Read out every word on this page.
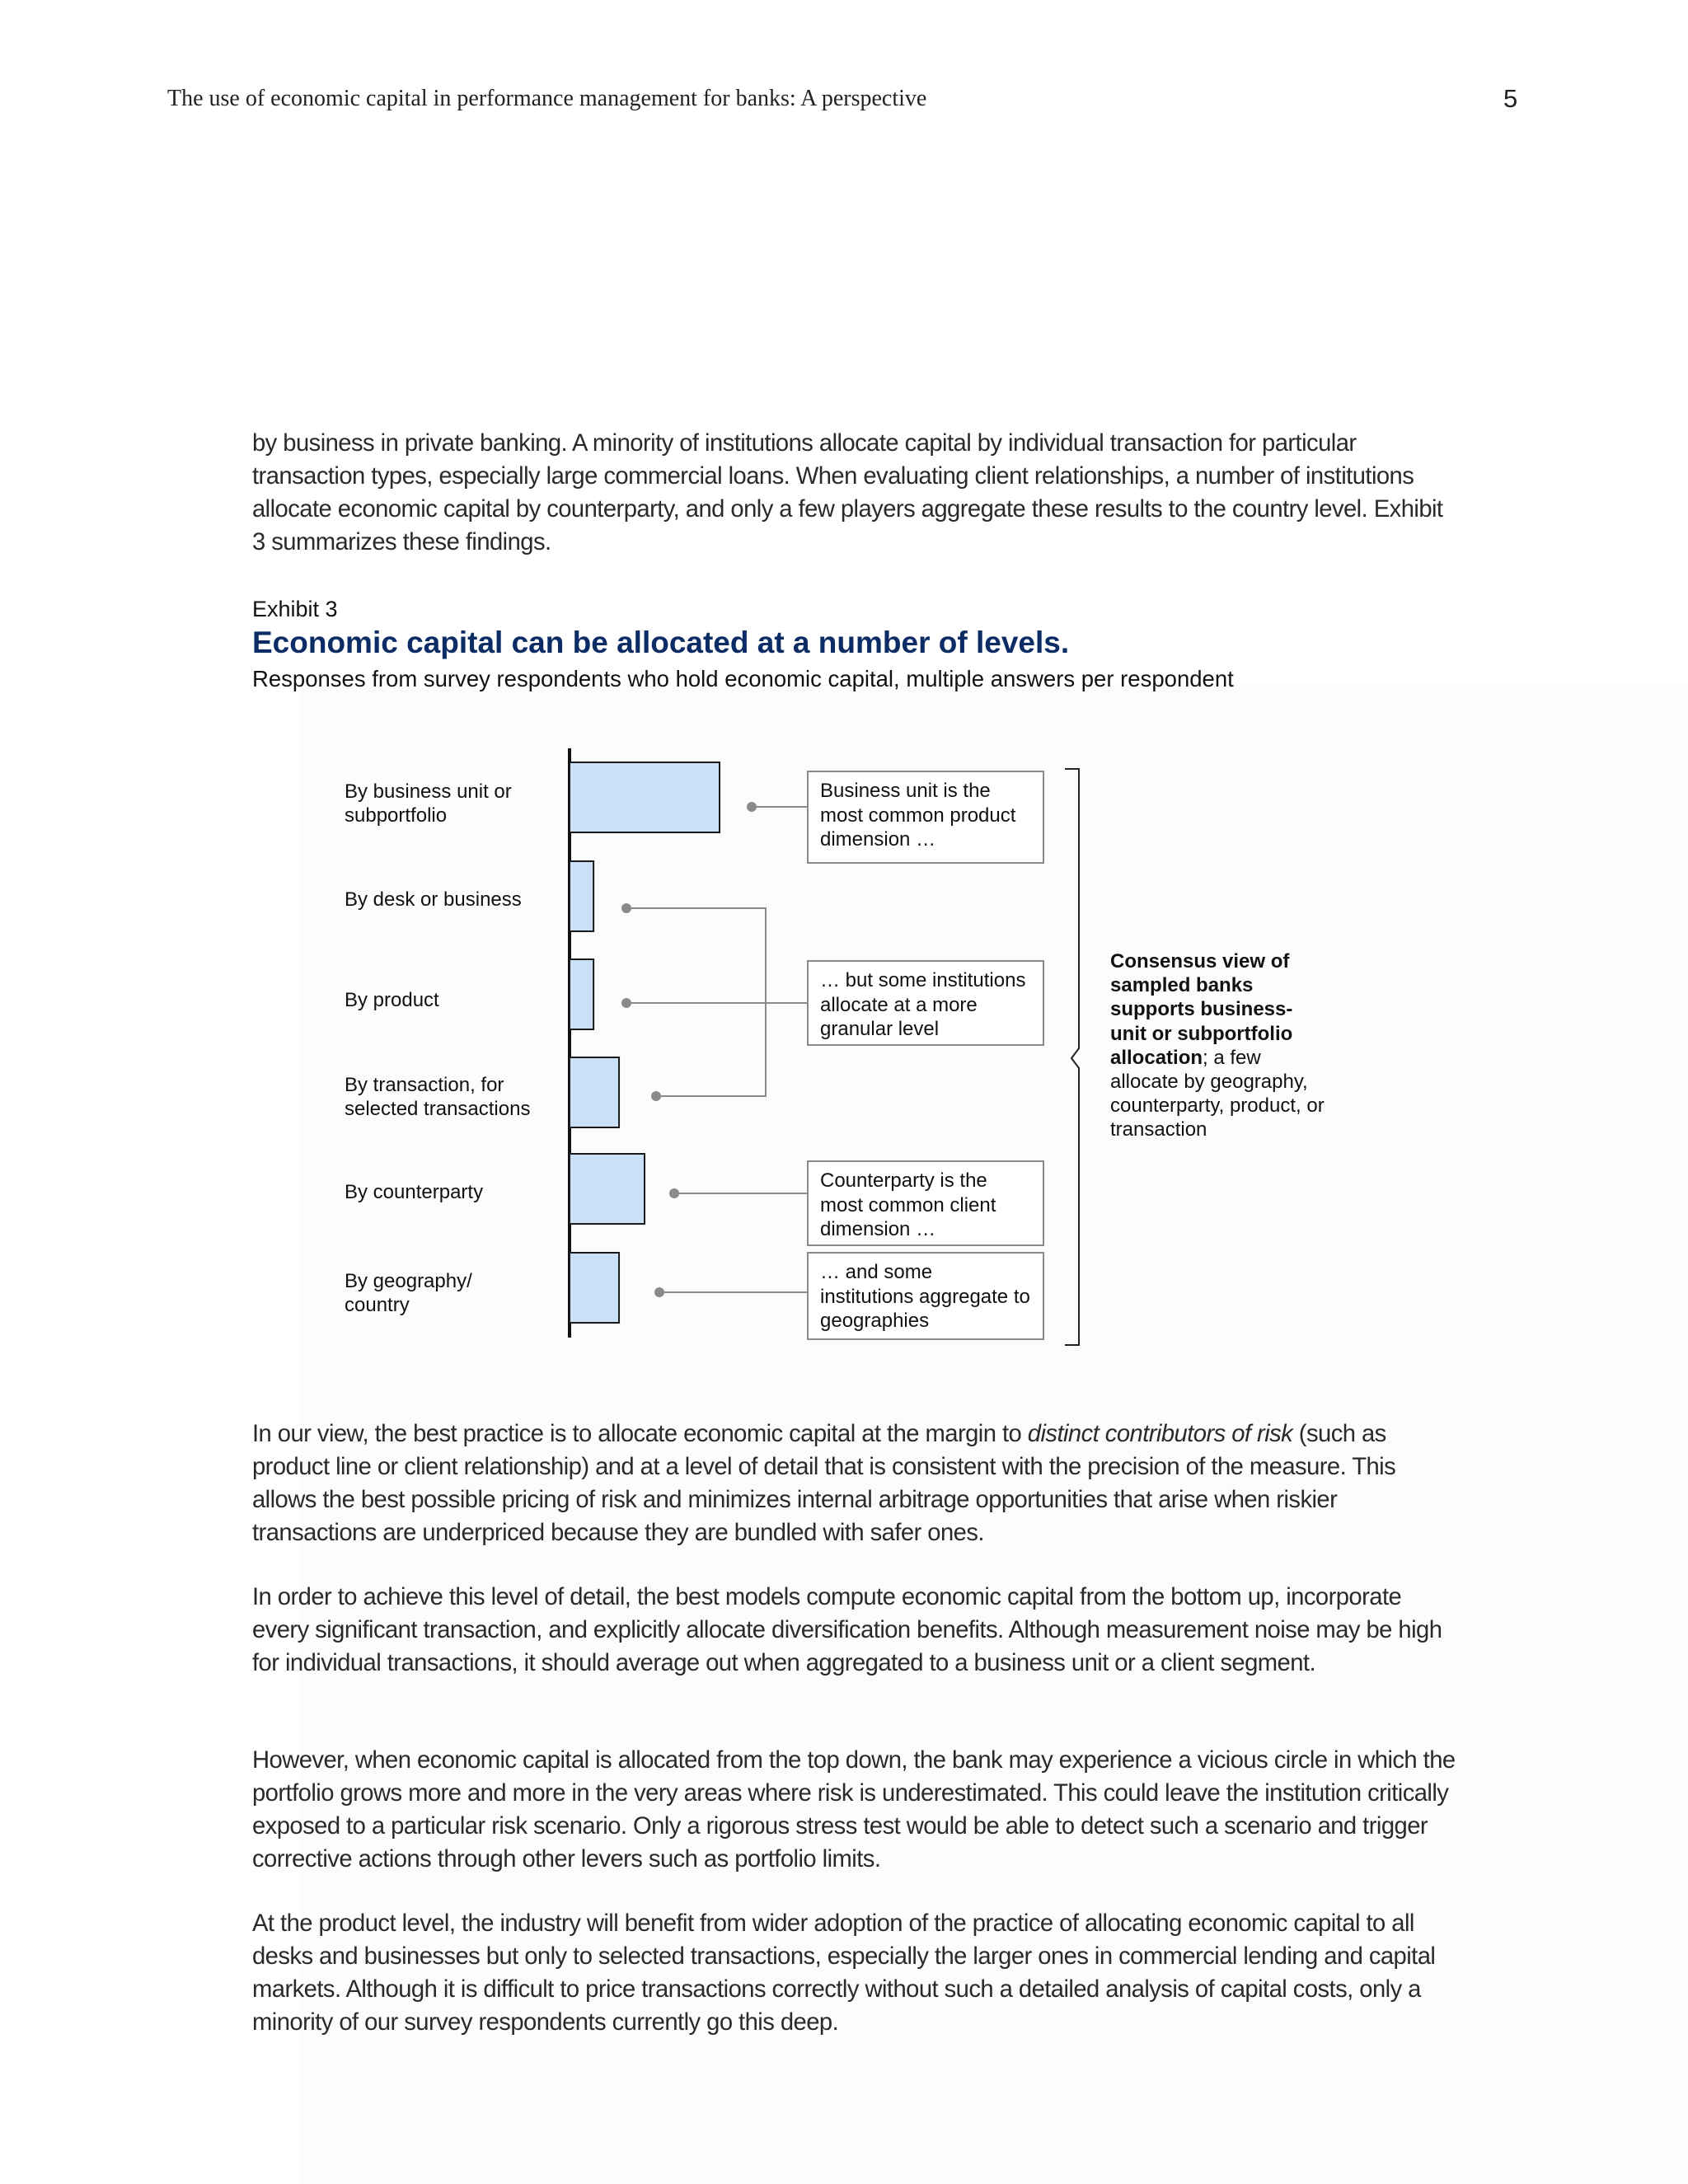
The use of economic capital in performance management for banks: A perspective	5

by business in private banking. A minority of institutions allocate capital by individual transaction for particular transaction types, especially large commercial loans. When evaluating client relationships, a number of institutions allocate economic capital by counterparty, and only a few players aggregate these results to the country level. Exhibit 3 summarizes these findings.

Exhibit 3
Economic capital can be allocated at a number of levels.
Responses from survey respondents who hold economic capital, multiple answers per respondent
By business unit or subportfolio
By desk or business
By product
By transaction, for selected transactions
By counterparty
By geography/ country
Business unit is the most common product dimension …
… but some institutions allocate at a more granular level
Counterparty is the most common client dimension …
… and some institutions aggregate to geographies
Consensus view of sampled banks supports business-unit or subportfolio allocation; a few allocate by geography, counterparty, product, or transaction

In our view, the best practice is to allocate economic capital at the margin to distinct contributors of risk (such as product line or client relationship) and at a level of detail that is consistent with the precision of the measure. This allows the best possible pricing of risk and minimizes internal arbitrage opportunities that arise when riskier transactions are underpriced because they are bundled with safer ones.

In order to achieve this level of detail, the best models compute economic capital from the bottom up, incorporate every significant transaction, and explicitly allocate diversification benefits. Although measurement noise may be high for individual transactions, it should average out when aggregated to a business unit or a client segment.

However, when economic capital is allocated from the top down, the bank may experience a vicious circle in which the portfolio grows more and more in the very areas where risk is underestimated. This could leave the institution critically exposed to a particular risk scenario. Only a rigorous stress test would be able to detect such a scenario and trigger corrective actions through other levers such as portfolio limits.

At the product level, the industry will benefit from wider adoption of the practice of allocating economic capital to all desks and businesses but only to selected transactions, especially the larger ones in commercial lending and capital markets. Although it is difficult to price transactions correctly without such a detailed analysis of capital costs, only a minority of our survey respondents currently go this deep.
